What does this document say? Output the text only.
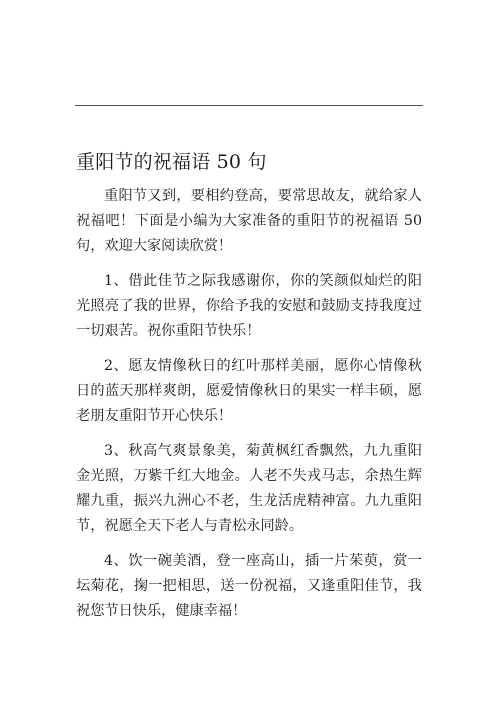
重阳节的祝福语 50 句

重阳节又到，要相约登高，要常思故友，就给家人祝福吧！下面是小编为大家准备的重阳节的祝福语 50 句，欢迎大家阅读欣赏！

1、借此佳节之际我感谢你，你的笑颜似灿烂的阳光照亮了我的世界，你给予我的安慰和鼓励支持我度过一切艰苦。祝你重阳节快乐！

2、愿友情像秋日的红叶那样美丽，愿你心情像秋日的蓝天那样爽朗，愿爱情像秋日的果实一样丰硕，愿老朋友重阳节开心快乐！

3、秋高气爽景象美，菊黄枫红香飘然，九九重阳金光照，万紫千红大地金。人老不失戎马志，余热生辉耀九重，振兴九洲心不老，生龙活虎精神富。九九重阳节，祝愿全天下老人与青松永同龄。

4、饮一碗美酒，登一座高山，插一片茱萸，赏一坛菊花，掬一把相思，送一份祝福，又逢重阳佳节，我祝您节日快乐，健康幸福！
